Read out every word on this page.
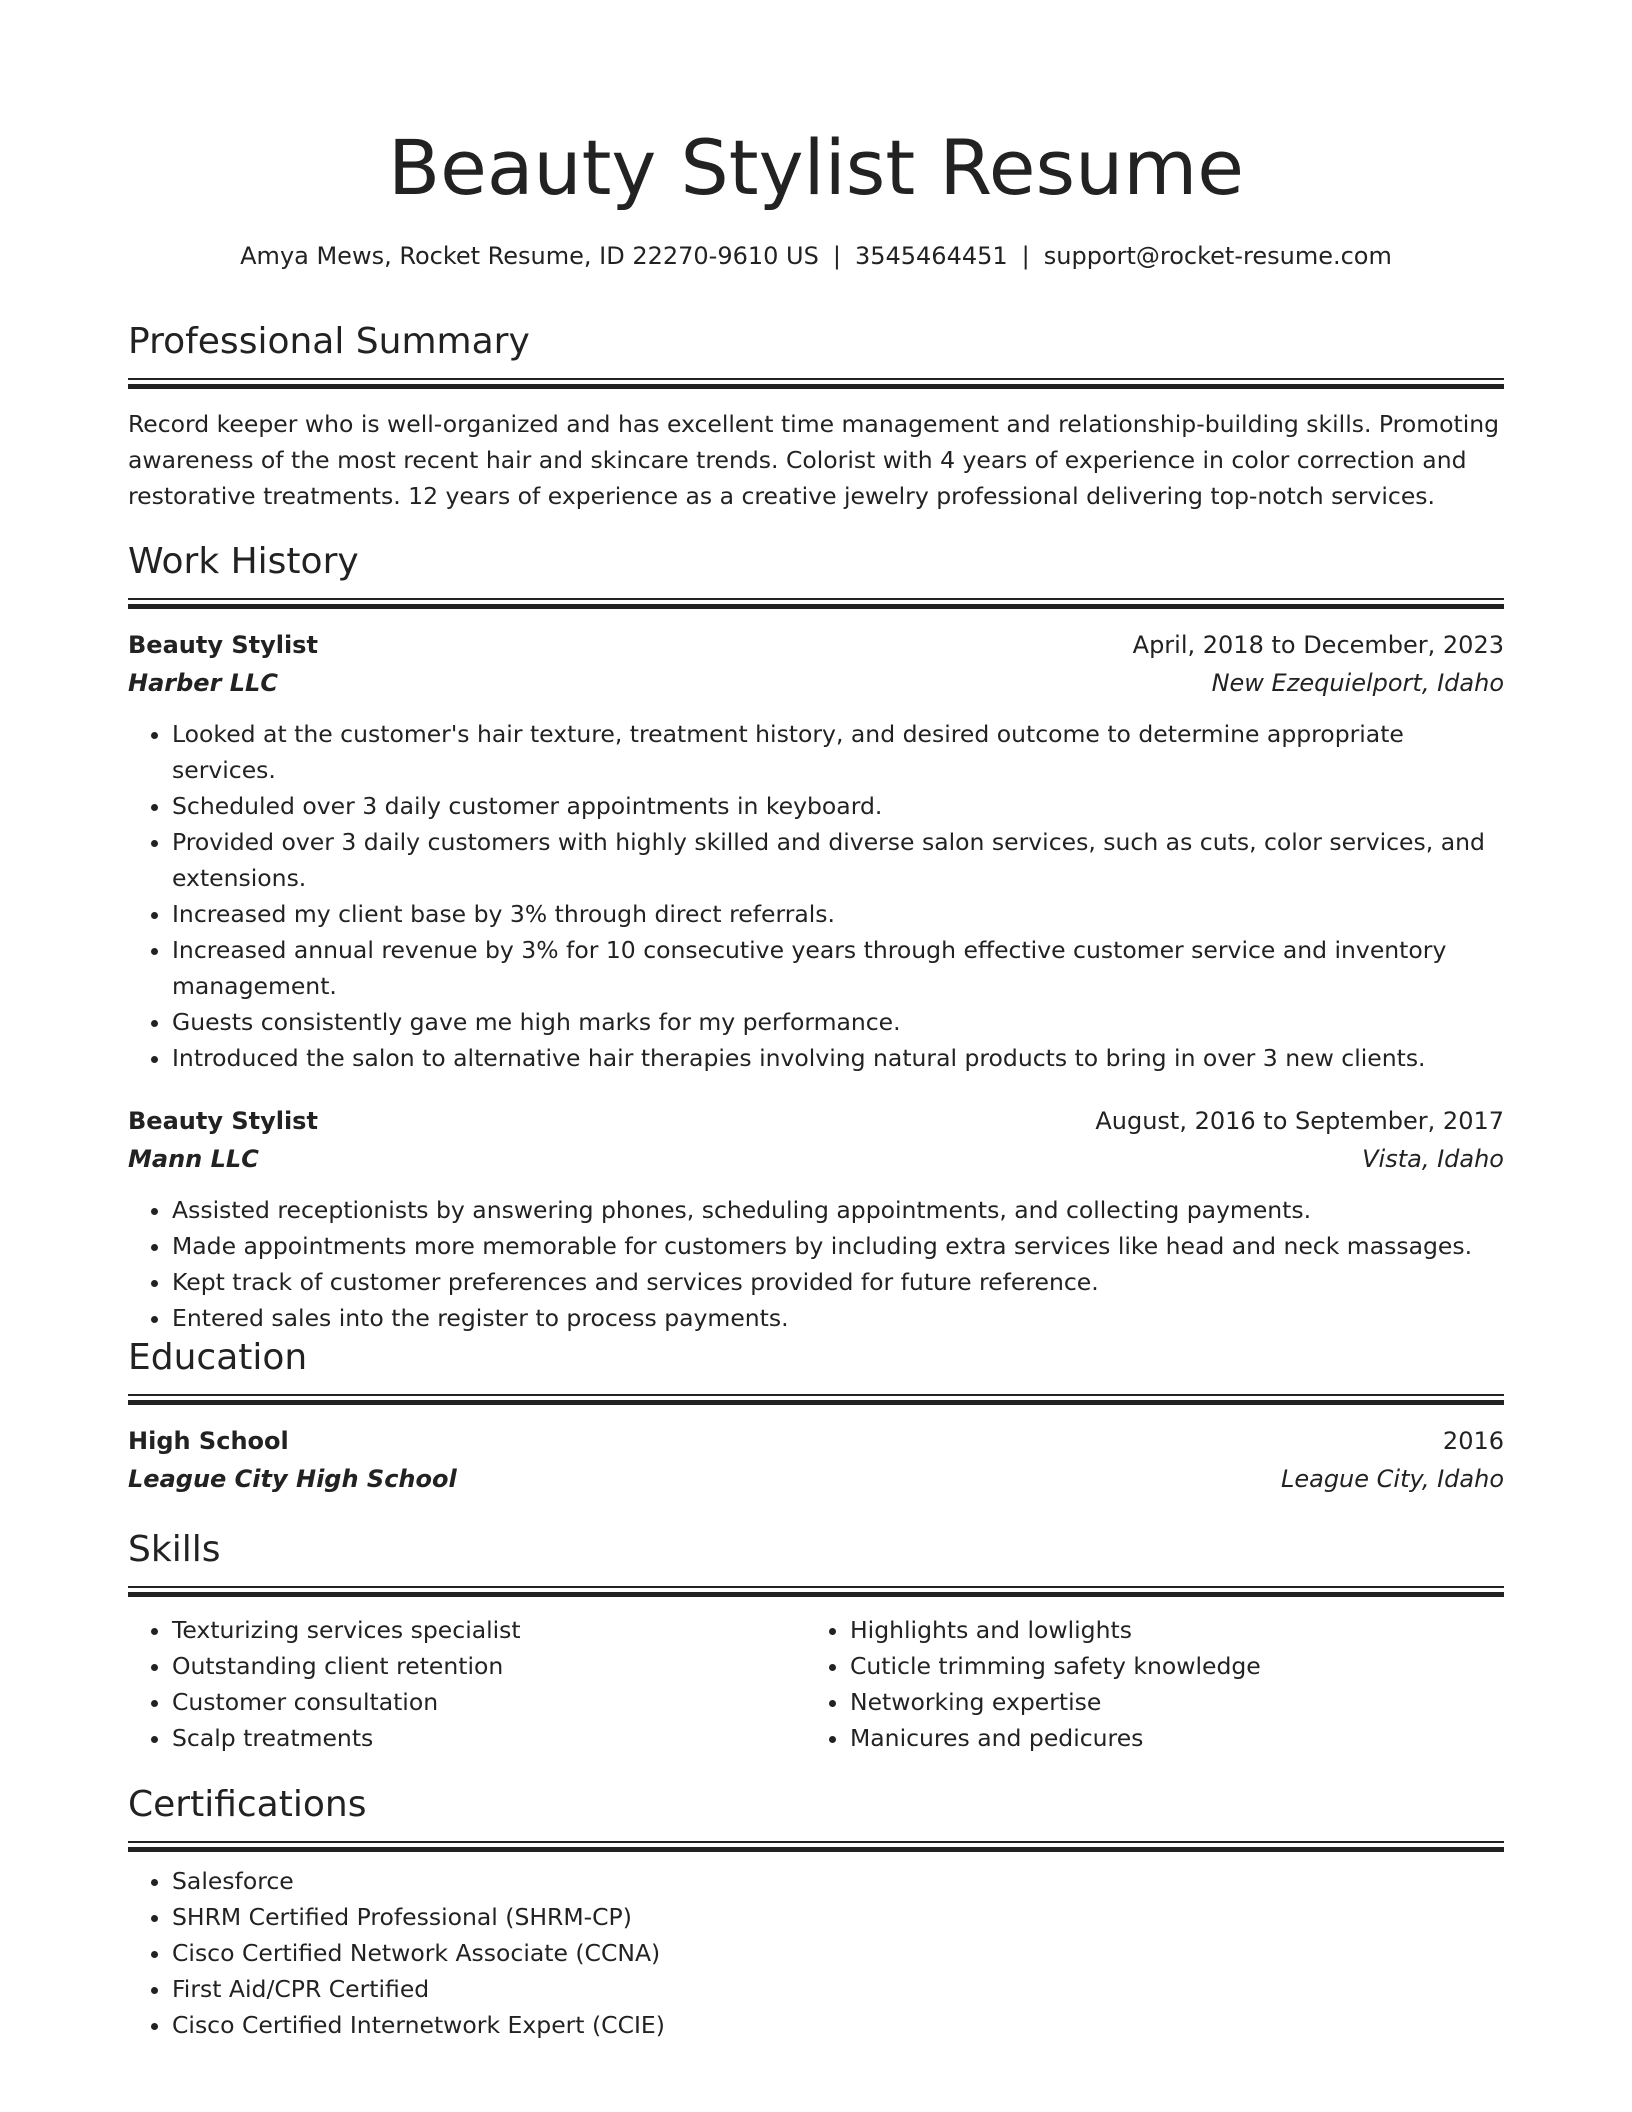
Beauty Stylist Resume
Amya Mews, Rocket Resume, ID 22270-9610 US | 3545464451 | support@rocket-resume.com
Professional Summary
Record keeper who is well-organized and has excellent time management and relationship-building skills. Promoting awareness of the most recent hair and skincare trends. Colorist with 4 years of experience in color correction and restorative treatments. 12 years of experience as a creative jewelry professional delivering top-notch services.
Work History
Beauty Stylist	April, 2018 to December, 2023
Harber LLC	New Ezequielport, Idaho
• Looked at the customer's hair texture, treatment history, and desired outcome to determine appropriate services.
• Scheduled over 3 daily customer appointments in keyboard.
• Provided over 3 daily customers with highly skilled and diverse salon services, such as cuts, color services, and extensions.
• Increased my client base by 3% through direct referrals.
• Increased annual revenue by 3% for 10 consecutive years through effective customer service and inventory management.
• Guests consistently gave me high marks for my performance.
• Introduced the salon to alternative hair therapies involving natural products to bring in over 3 new clients.
Beauty Stylist	August, 2016 to September, 2017
Mann LLC	Vista, Idaho
• Assisted receptionists by answering phones, scheduling appointments, and collecting payments.
• Made appointments more memorable for customers by including extra services like head and neck massages.
• Kept track of customer preferences and services provided for future reference.
• Entered sales into the register to process payments.
Education
High School	2016
League City High School	League City, Idaho
Skills
• Texturizing services specialist
• Outstanding client retention
• Customer consultation
• Scalp treatments
• Highlights and lowlights
• Cuticle trimming safety knowledge
• Networking expertise
• Manicures and pedicures
Certifications
• Salesforce
• SHRM Certified Professional (SHRM-CP)
• Cisco Certified Network Associate (CCNA)
• First Aid/CPR Certified
• Cisco Certified Internetwork Expert (CCIE)
